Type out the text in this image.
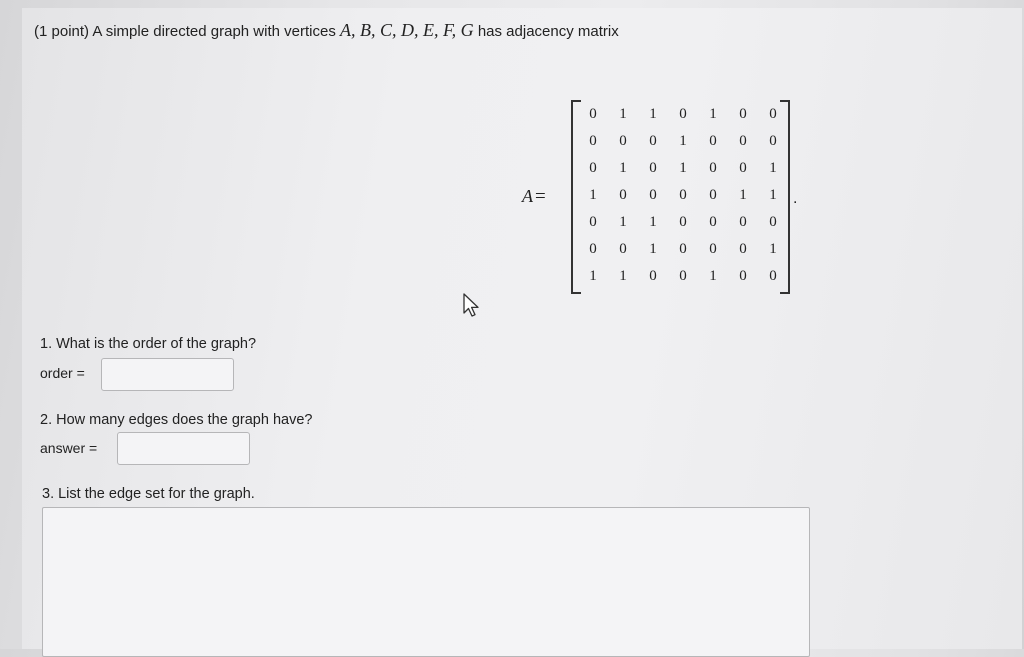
(1 point) A simple directed graph with vertices A, B, C, D, E, F, G has adjacency matrix
A =
0	1	1	0	1	0	0
0	0	0	1	0	0	0
0	1	0	1	0	0	1
1	0	0	0	0	1	1
0	1	1	0	0	0	0
0	0	1	0	0	0	1
1	1	0	0	1	0	0
.
1. What is the order of the graph?
order =
2. How many edges does the graph have?
answer =
3. List the edge set for the graph.
